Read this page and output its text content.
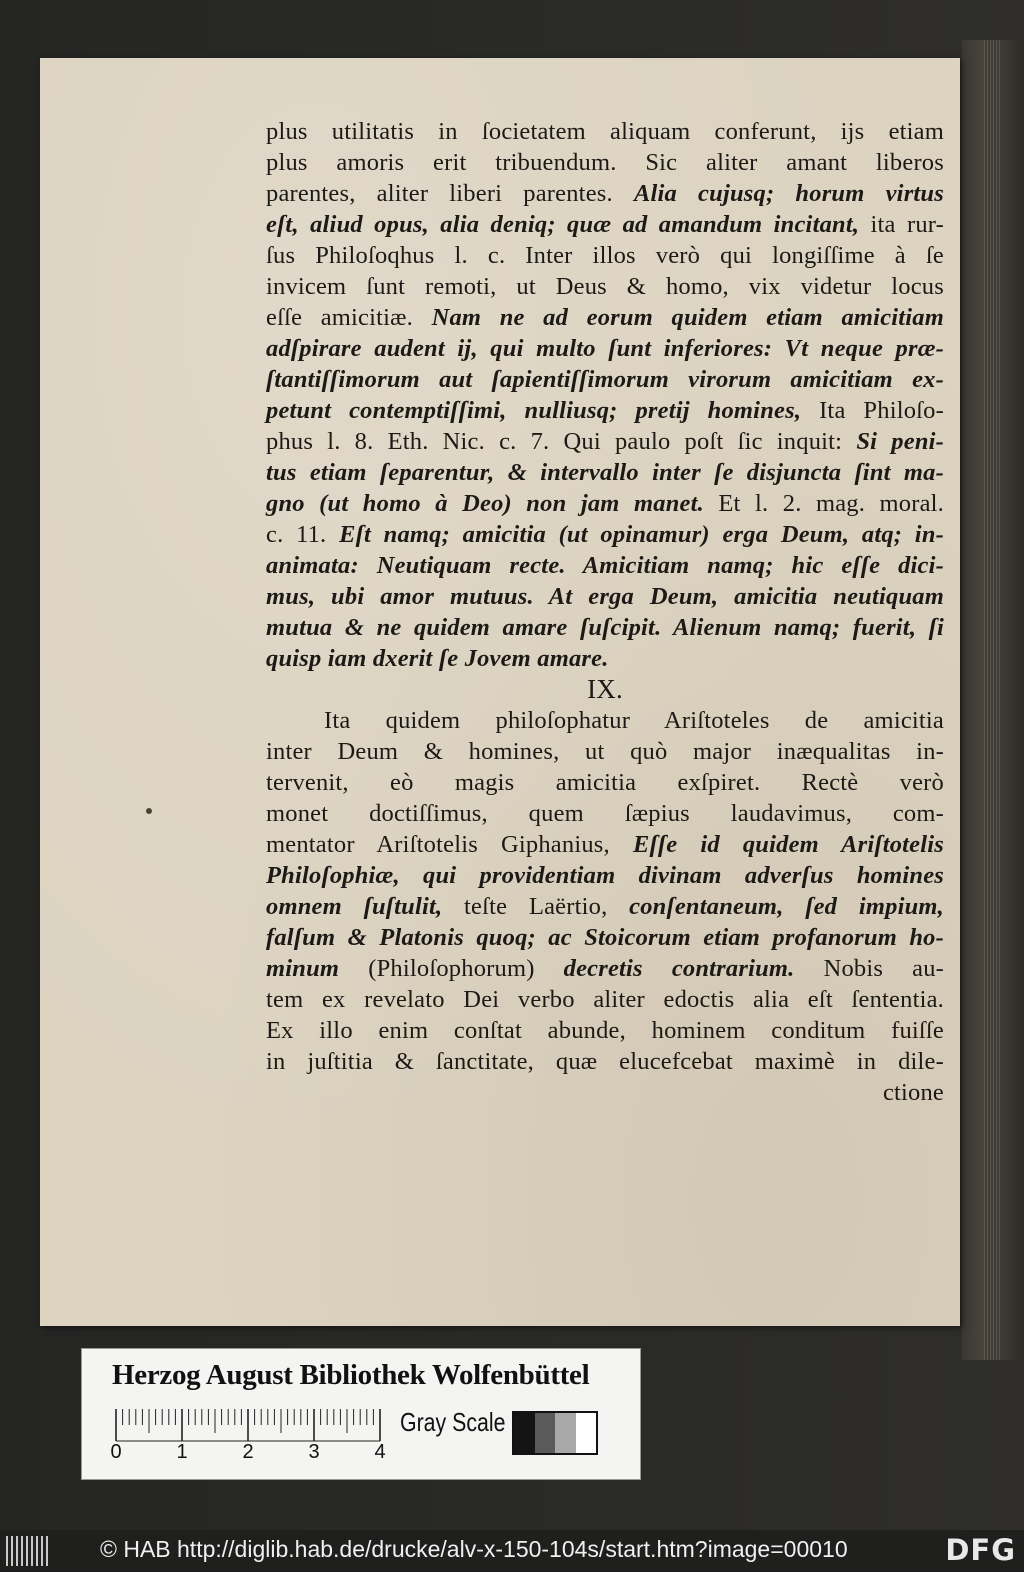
plus utilitatis in ſocietatem aliquam conferunt, ijs etiam
plus amoris erit tribuendum. Sic aliter amant liberos
parentes, aliter liberi parentes. Alia cujusq; horum virtus
eſt, aliud opus, alia deniq; quæ ad amandum incitant, ita rur-
ſus Philoſoqhus l. c. Inter illos verò qui longiſſime à ſe
invicem ſunt remoti, ut Deus & homo, vix videtur locus
eſſe amicitiæ. Nam ne ad eorum quidem etiam amicitiam
adſpirare audent ij, qui multo ſunt inferiores: Vt neque præ-
ſtantiſſimorum aut ſapientiſſimorum virorum amicitiam ex-
petunt contemptiſſimi, nulliusq; pretij homines, Ita Philoſo-
phus l. 8. Eth. Nic. c. 7. Qui paulo poſt ſic inquit: Si peni-
tus etiam ſeparentur, & intervallo inter ſe disjuncta ſint ma-
gno (ut homo à Deo) non jam manet. Et l. 2. mag. moral.
c. 11. Eſt namq; amicitia (ut opinamur) erga Deum, atq; in-
animata: Neutiquam recte. Amicitiam namq; hic eſſe dici-
mus, ubi amor mutuus. At erga Deum, amicitia neutiquam
mutua & ne quidem amare ſuſcipit. Alienum namq; fuerit, ſi
quisp iam dxerit ſe Jovem amare.
IX.
Ita quidem philoſophatur Ariſtoteles de amicitia
inter Deum & homines, ut quò major inæqualitas in-
tervenit, eò magis amicitia exſpiret. Rectè verò
monet doctiſſimus, quem ſæpius laudavimus, com-
mentator Ariſtotelis Giphanius, Eſſe id quidem Ariſtotelis
Philoſophiæ, qui providentiam divinam adverſus homines
omnem ſuſtulit, teſte Laërtio, conſentaneum, ſed impium,
falſum & Platonis quoq; ac Stoicorum etiam profanorum ho-
minum (Philoſophorum) decretis contrarium. Nobis au-
tem ex revelato Dei verbo aliter edoctis alia eſt ſententia.
Ex illo enim conſtat abunde, hominem conditum fuiſſe
in juſtitia & ſanctitate, quæ elucefcebat maximè in dile-
ctione
Herzog August Bibliothek Wolfenbüttel
0	1	2	3	4
Gray Scale
© HAB http://diglib.hab.de/drucke/alv-x-150-104s/start.htm?image=00010	DFG
